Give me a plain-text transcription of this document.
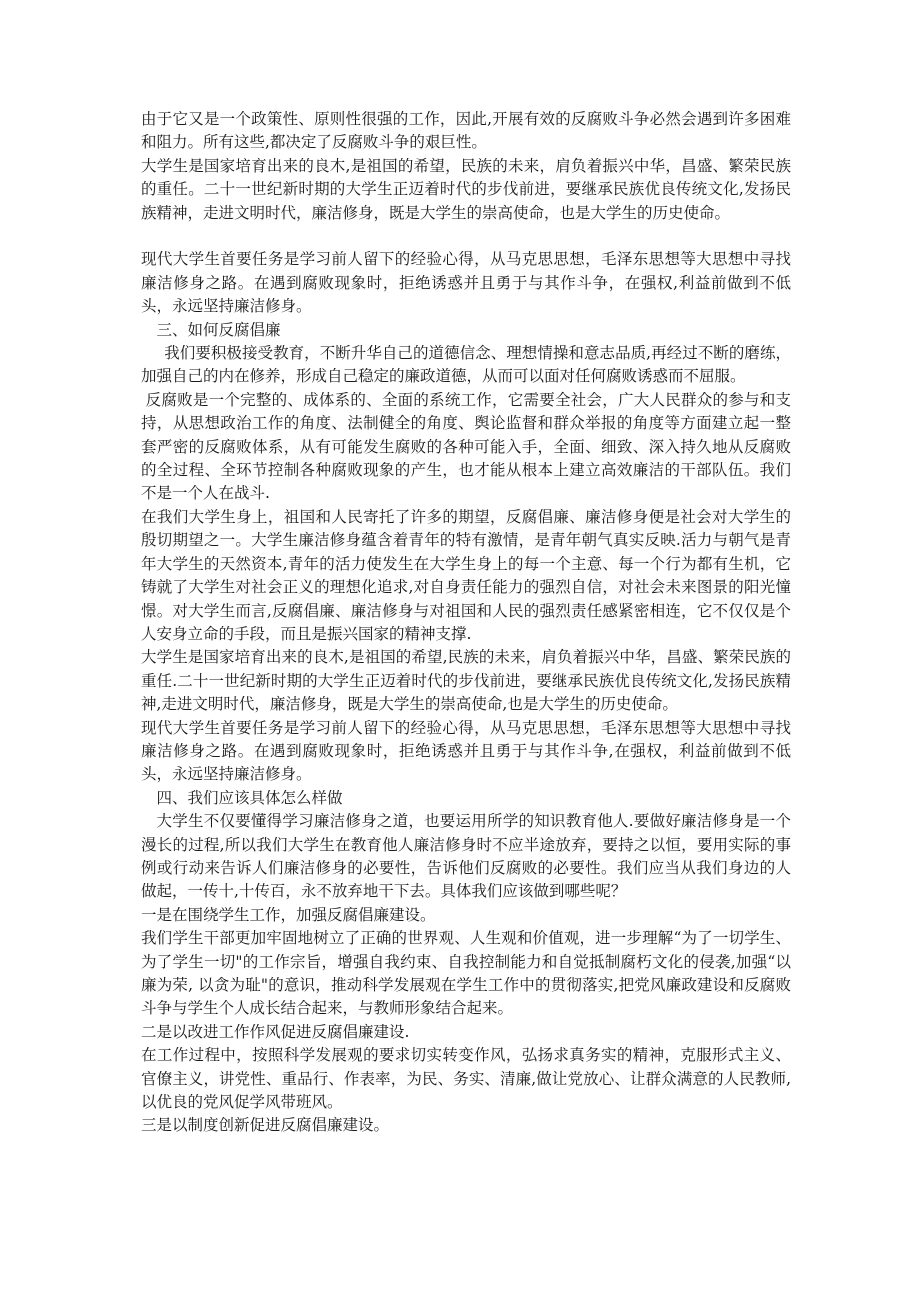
由于它又是一个政策性、原则性很强的工作，因此,开展有效的反腐败斗争必然会遇到许多困难和阻力。所有这些,都决定了反腐败斗争的艰巨性。

大学生是国家培育出来的良木,是祖国的希望，民族的未来，肩负着振兴中华，昌盛、繁荣民族的重任。二十一世纪新时期的大学生正迈着时代的步伐前进，要继承民族优良传统文化,发扬民族精神，走进文明时代，廉洁修身，既是大学生的崇高使命，也是大学生的历史使命。

现代大学生首要任务是学习前人留下的经验心得，从马克思思想，毛泽东思想等大思想中寻找廉洁修身之路。在遇到腐败现象时，拒绝诱惑并且勇于与其作斗争，在强权,利益前做到不低头，永远坚持廉洁修身。

三、如何反腐倡廉

我们要积极接受教育，不断升华自己的道德信念、理想情操和意志品质,再经过不断的磨练，加强自己的内在修养，形成自己稳定的廉政道德，从而可以面对任何腐败诱惑而不屈服。

反腐败是一个完整的、成体系的、全面的系统工作，它需要全社会，广大人民群众的参与和支持，从思想政治工作的角度、法制健全的角度、舆论监督和群众举报的角度等方面建立起一整套严密的反腐败体系，从有可能发生腐败的各种可能入手，全面、细致、深入持久地从反腐败的全过程、全环节控制各种腐败现象的产生，也才能从根本上建立高效廉洁的干部队伍。我们不是一个人在战斗.

在我们大学生身上，祖国和人民寄托了许多的期望，反腐倡廉、廉洁修身便是社会对大学生的殷切期望之一。大学生廉洁修身蕴含着青年的特有激情，是青年朝气真实反映.活力与朝气是青年大学生的天然资本,青年的活力使发生在大学生身上的每一个主意、每一个行为都有生机，它铸就了大学生对社会正义的理想化追求,对自身责任能力的强烈自信，对社会未来图景的阳光憧憬。对大学生而言,反腐倡廉、廉洁修身与对祖国和人民的强烈责任感紧密相连，它不仅仅是个人安身立命的手段，而且是振兴国家的精神支撑.

大学生是国家培育出来的良木,是祖国的希望,民族的未来，肩负着振兴中华，昌盛、繁荣民族的重任.二十一世纪新时期的大学生正迈着时代的步伐前进，要继承民族优良传统文化,发扬民族精神,走进文明时代，廉洁修身，既是大学生的崇高使命,也是大学生的历史使命。

现代大学生首要任务是学习前人留下的经验心得，从马克思思想，毛泽东思想等大思想中寻找廉洁修身之路。在遇到腐败现象时，拒绝诱惑并且勇于与其作斗争,在强权，利益前做到不低头，永远坚持廉洁修身。

四、我们应该具体怎么样做

大学生不仅要懂得学习廉洁修身之道，也要运用所学的知识教育他人.要做好廉洁修身是一个漫长的过程,所以我们大学生在教育他人廉洁修身时不应半途放弃，要持之以恒，要用实际的事例或行动来告诉人们廉洁修身的必要性，告诉他们反腐败的必要性。我们应当从我们身边的人做起，一传十,十传百，永不放弃地干下去。具体我们应该做到哪些呢？

一是在围绕学生工作，加强反腐倡廉建设。

我们学生干部更加牢固地树立了正确的世界观、人生观和价值观，进一步理解“为了一切学生、为了学生一切"的工作宗旨，增强自我约束、自我控制能力和自觉抵制腐朽文化的侵袭,加强“以廉为荣, 以贪为耻"的意识，推动科学发展观在学生工作中的贯彻落实,把党风廉政建设和反腐败斗争与学生个人成长结合起来，与教师形象结合起来。

二是以改进工作作风促进反腐倡廉建设.

在工作过程中，按照科学发展观的要求切实转变作风，弘扬求真务实的精神，克服形式主义、官僚主义，讲党性、重品行、作表率，为民、务实、清廉,做让党放心、让群众满意的人民教师,以优良的党风促学风带班风。

三是以制度创新促进反腐倡廉建设。
